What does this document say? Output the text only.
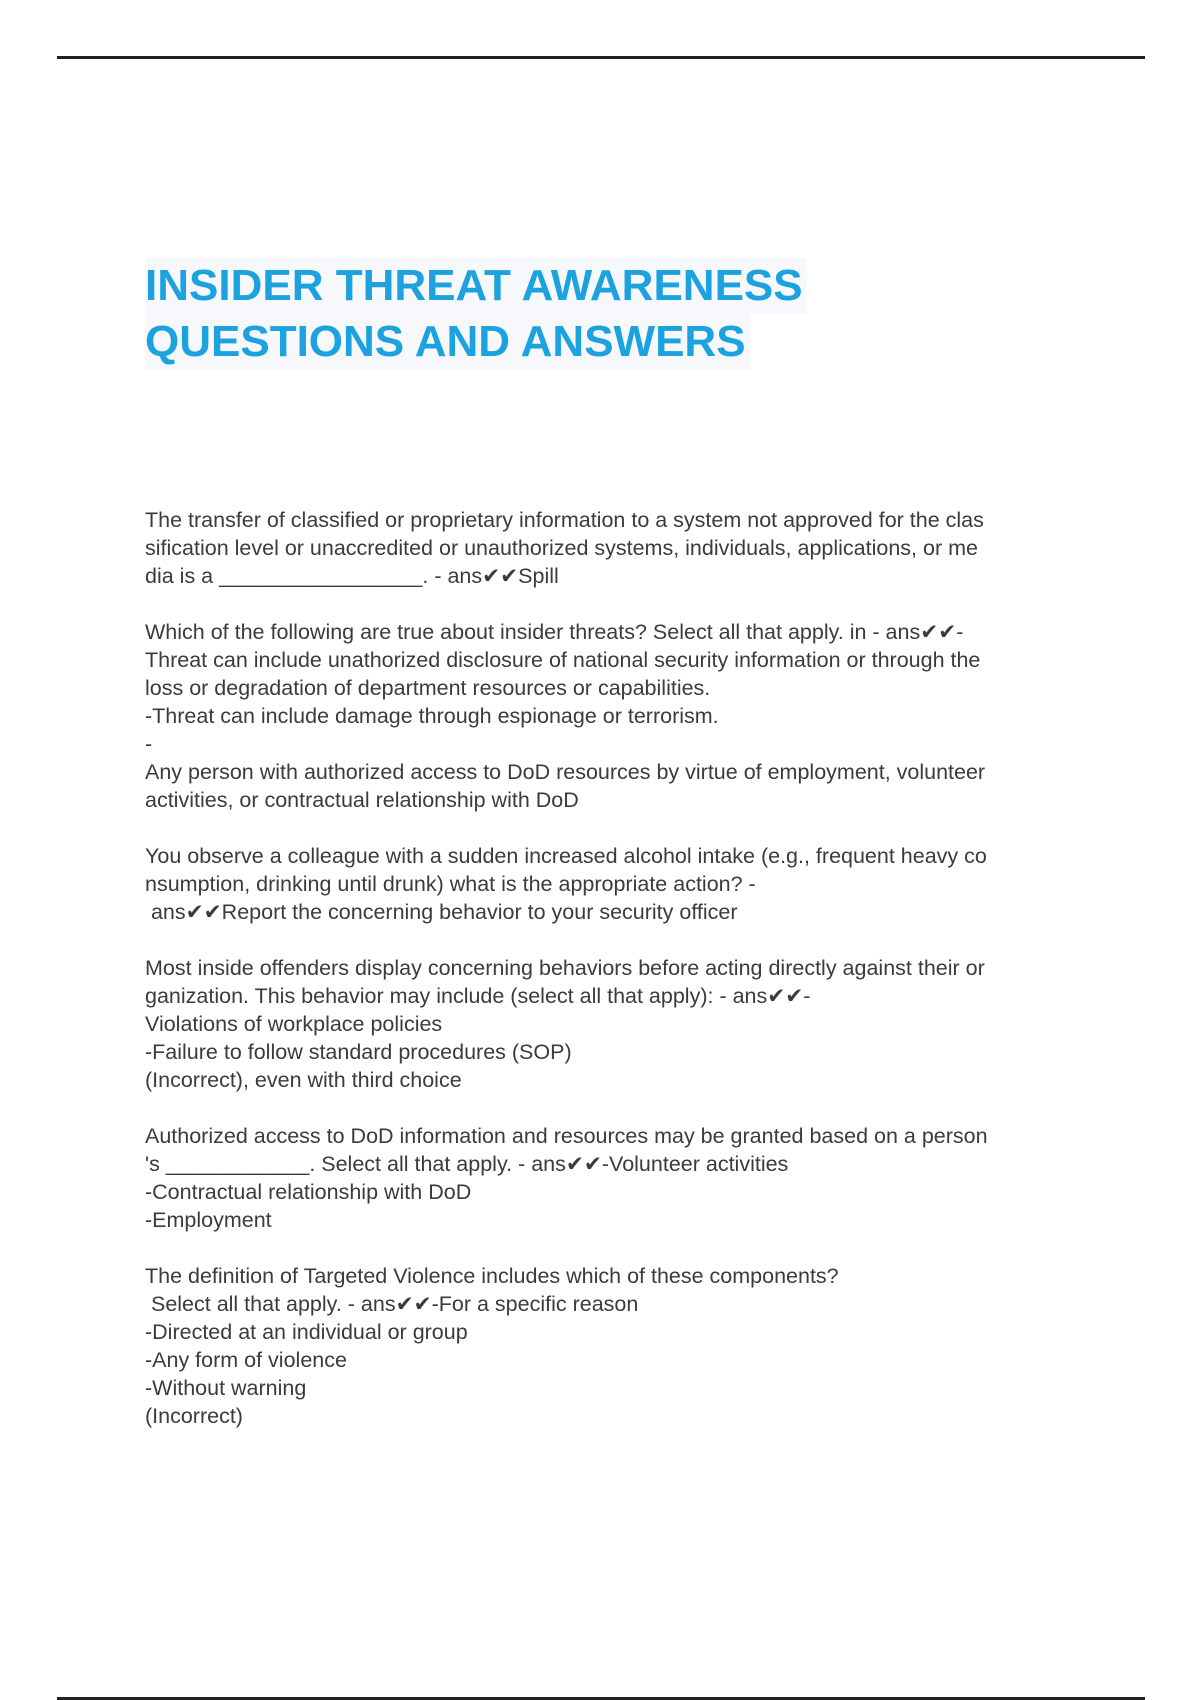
INSIDER THREAT AWARENESS
QUESTIONS AND ANSWERS

The transfer of classified or proprietary information to a system not approved for the clas
sification level or unaccredited or unauthorized systems, individuals, applications, or me
dia is a _________________. - ans✔✔Spill

Which of the following are true about insider threats? Select all that apply. in - ans✔✔-
Threat can include unathorized disclosure of national security information or through the
loss or degradation of department resources or capabilities.
-Threat can include damage through espionage or terrorism.
-
Any person with authorized access to DoD resources by virtue of employment, volunteer
activities, or contractual relationship with DoD

You observe a colleague with a sudden increased alcohol intake (e.g., frequent heavy co
nsumption, drinking until drunk) what is the appropriate action? -
ans✔✔Report the concerning behavior to your security officer

Most inside offenders display concerning behaviors before acting directly against their or
ganization. This behavior may include (select all that apply): - ans✔✔-
Violations of workplace policies
-Failure to follow standard procedures (SOP)
(Incorrect), even with third choice

Authorized access to DoD information and resources may be granted based on a person
's ____________. Select all that apply. - ans✔✔-Volunteer activities
-Contractual relationship with DoD
-Employment

The definition of Targeted Violence includes which of these components?
Select all that apply. - ans✔✔-For a specific reason
-Directed at an individual or group
-Any form of violence
-Without warning
(Incorrect)
